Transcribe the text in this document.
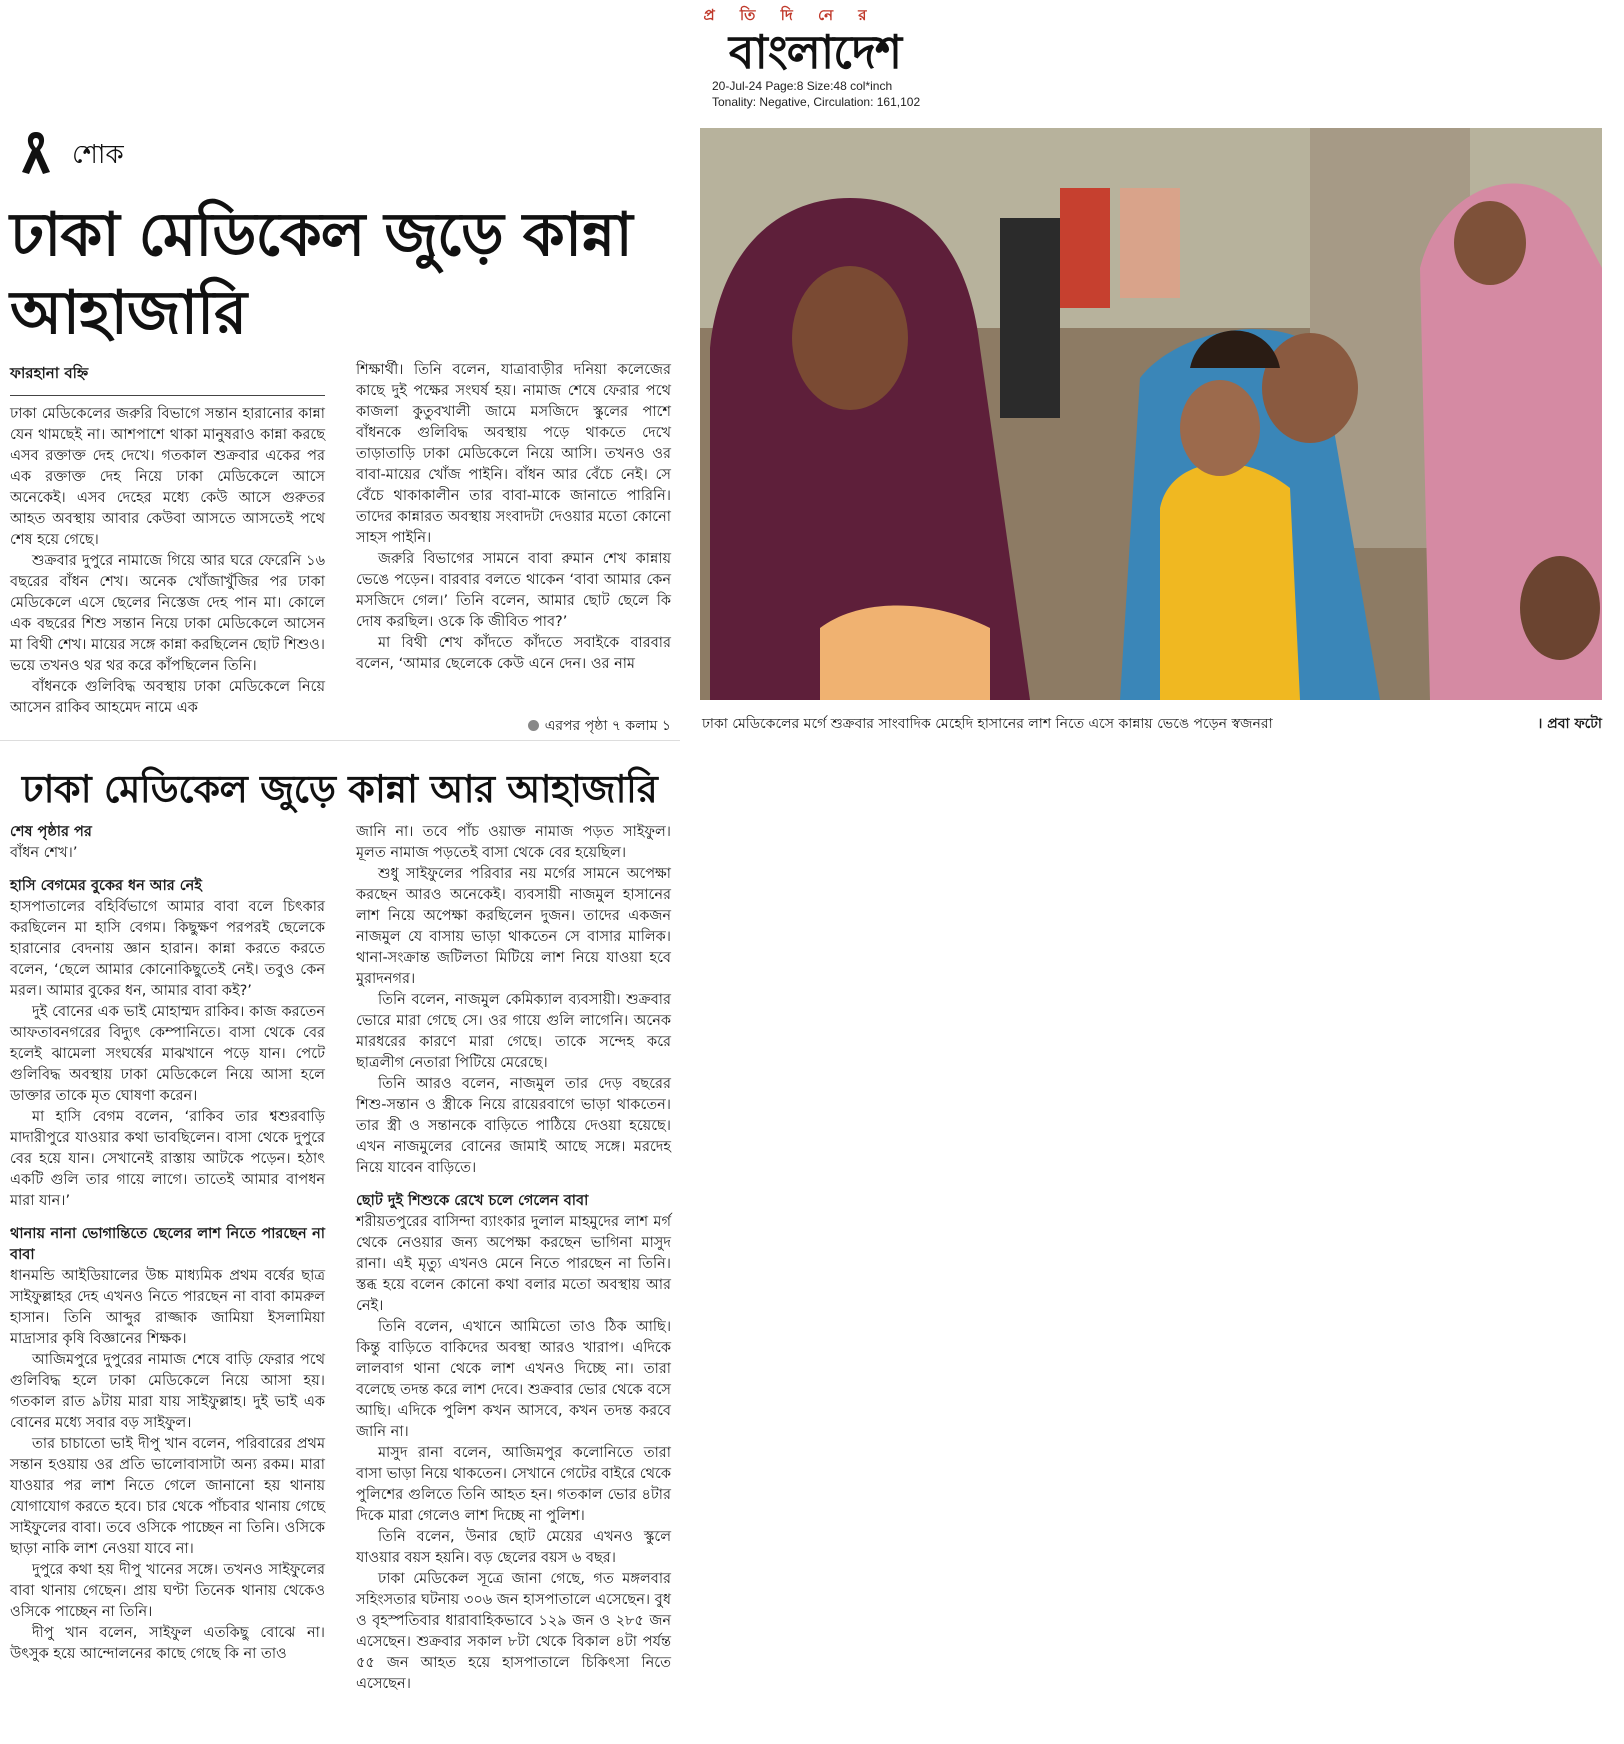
প্র তি দি নে র
বাংলাদেশ
20-Jul-24 Page:8 Size:48 col*inch
Tonality: Negative, Circulation: 161,102
শোক
ঢাকা মেডিকেল জুড়ে কান্না আহাজারি
ফারহানা বহ্নি

ঢাকা মেডিকেলের জরুরি বিভাগে সন্তান হারানোর কান্না যেন থামছেই না। আশপাশে থাকা মানুষরাও কান্না করছে এসব রক্তাক্ত দেহ দেখে। গতকাল শুক্রবার একের পর এক রক্তাক্ত দেহ নিয়ে ঢাকা মেডিকেলে আসে অনেকেই। এসব দেহের মধ্যে কেউ আসে গুরুতর আহত অবস্থায় আবার কেউবা আসতে আসতেই পথে শেষ হয়ে গেছে।

শুক্রবার দুপুরে নামাজে গিয়ে আর ঘরে ফেরেনি ১৬ বছরের বাঁধন শেখ। অনেক খোঁজাখুঁজির পর ঢাকা মেডিকেলে এসে ছেলের নিস্তেজ দেহ পান মা। কোলে এক বছরের শিশু সন্তান নিয়ে ঢাকা মেডিকেলে আসেন মা বিথী শেখ। মায়ের সঙ্গে কান্না করছিলেন ছোট শিশুও। ভয়ে তখনও থর থর করে কাঁপছিলেন তিনি।

বাঁধনকে গুলিবিদ্ধ অবস্থায় ঢাকা মেডিকেলে নিয়ে আসেন রাকিব আহমেদ নামে এক

শিক্ষার্থী। তিনি বলেন, যাত্রাবাড়ীর দনিয়া কলেজের কাছে দুই পক্ষের সংঘর্ষ হয়। নামাজ শেষে ফেরার পথে কাজলা কুতুবখালী জামে মসজিদে স্কুলের পাশে বাঁধনকে গুলিবিদ্ধ অবস্থায় পড়ে থাকতে দেখে তাড়াতাড়ি ঢাকা মেডিকেলে নিয়ে আসি। তখনও ওর বাবা-মায়ের খোঁজ পাইনি। বাঁধন আর বেঁচে নেই। সে বেঁচে থাকাকালীন তার বাবা-মাকে জানাতে পারিনি। তাদের কান্নারত অবস্থায় সংবাদটা দেওয়ার মতো কোনো সাহস পাইনি।

জরুরি বিভাগের সামনে বাবা রুমান শেখ কান্নায় ভেঙে পড়েন। বারবার বলতে থাকেন ‘বাবা আমার কেন মসজিদে গেল।’ তিনি বলেন, আমার ছোট ছেলে কি দোষ করছিল। ওকে কি জীবিত পাব?’

মা বিথী শেখ কাঁদতে কাঁদতে সবাইকে বারবার বলেন, ‘আমার ছেলেকে কেউ এনে দেন। ওর নাম

এরপর পৃষ্ঠা ৭ কলাম ১ ঢাকা মেডিকেলের মর্গে শুক্রবার সাংবাদিক মেহেদি হাসানের লাশ নিতে এসে কান্নায় ভেঙে পড়েন স্বজনরা	। প্রবা ফটো
ঢাকা মেডিকেল জুড়ে কান্না আর আহাজারি
শেষ পৃষ্ঠার পর

বাঁধন শেখ।’

হাসি বেগমের বুকের ধন আর নেই

হাসপাতালের বহির্বিভাগে আমার বাবা বলে চিৎকার করছিলেন মা হাসি বেগম। কিছুক্ষণ পরপরই ছেলেকে হারানোর বেদনায় জ্ঞান হারান। কান্না করতে করতে বলেন, ‘ছেলে আমার কোনোকিছুতেই নেই। তবুও কেন মরল। আমার বুকের ধন, আমার বাবা কই?’

দুই বোনের এক ভাই মোহাম্মদ রাকিব। কাজ করতেন আফতাবনগরের বিদ্যুৎ কেম্পানিতে। বাসা থেকে বের হলেই ঝামেলা সংঘর্ষের মাঝখানে পড়ে যান। পেটে গুলিবিদ্ধ অবস্থায় ঢাকা মেডিকেলে নিয়ে আসা হলে ডাক্তার তাকে মৃত ঘোষণা করেন।

মা হাসি বেগম বলেন, ‘রাকিব তার শ্বশুরবাড়ি মাদারীপুরে যাওয়ার কথা ভাবছিলেন। বাসা থেকে দুপুরে বের হয়ে যান। সেখানেই রাস্তায় আটকে পড়েন। হঠাৎ একটি গুলি তার গায়ে লাগে। তাতেই আমার বাপধন মারা যান।’

থানায় নানা ভোগান্তিতে ছেলের লাশ নিতে পারছেন না বাবা

ধানমন্ডি আইডিয়ালের উচ্চ মাধ্যমিক প্রথম বর্ষের ছাত্র সাইফুল্লাহর দেহ এখনও নিতে পারছেন না বাবা কামরুল হাসান। তিনি আব্দুর রাজ্জাক জামিয়া ইসলামিয়া মাদ্রাসার কৃষি বিজ্ঞানের শিক্ষক।

আজিমপুরে দুপুরের নামাজ শেষে বাড়ি ফেরার পথে গুলিবিদ্ধ হলে ঢাকা মেডিকেলে নিয়ে আসা হয়। গতকাল রাত ৯টায় মারা যায় সাইফুল্লাহ। দুই ভাই এক বোনের মধ্যে সবার বড় সাইফুল।

তার চাচাতো ভাই দীপু খান বলেন, পরিবারের প্রথম সন্তান হওয়ায় ওর প্রতি ভালোবাসাটা অন্য রকম। মারা যাওয়ার পর লাশ নিতে গেলে জানানো হয় থানায় যোগাযোগ করতে হবে। চার থেকে পাঁচবার থানায় গেছে সাইফুলের বাবা। তবে ওসিকে পাচ্ছেন না তিনি। ওসিকে ছাড়া নাকি লাশ নেওয়া যাবে না।

দুপুরে কথা হয় দীপু খানের সঙ্গে। তখনও সাইফুলের বাবা থানায় গেছেন। প্রায় ঘণ্টা তিনেক থানায় থেকেও ওসিকে পাচ্ছেন না তিনি।

দীপু খান বলেন, সাইফুল এতকিছু বোঝে না। উৎসুক হয়ে আন্দোলনের কাছে গেছে কি না তাও

জানি না। তবে পাঁচ ওয়াক্ত নামাজ পড়ত সাইফুল। মূলত নামাজ পড়তেই বাসা থেকে বের হয়েছিল।

শুধু সাইফুলের পরিবার নয় মর্গের সামনে অপেক্ষা করছেন আরও অনেকেই। ব্যবসায়ী নাজমুল হাসানের লাশ নিয়ে অপেক্ষা করছিলেন দুজন। তাদের একজন নাজমুল যে বাসায় ভাড়া থাকতেন সে বাসার মালিক। থানা-সংক্রান্ত জটিলতা মিটিয়ে লাশ নিয়ে যাওয়া হবে মুরাদনগর।

তিনি বলেন, নাজমুল কেমিক্যাল ব্যবসায়ী। শুক্রবার ভোরে মারা গেছে সে। ওর গায়ে গুলি লাগেনি। অনেক মারধরের কারণে মারা গেছে। তাকে সন্দেহ করে ছাত্রলীগ নেতারা পিটিয়ে মেরেছে।

তিনি আরও বলেন, নাজমুল তার দেড় বছরের শিশু-সন্তান ও স্ত্রীকে নিয়ে রায়েরবাগে ভাড়া থাকতেন। তার স্ত্রী ও সন্তানকে বাড়িতে পাঠিয়ে দেওয়া হয়েছে। এখন নাজমুলের বোনের জামাই আছে সঙ্গে। মরদেহ নিয়ে যাবেন বাড়িতে।

ছোট দুই শিশুকে রেখে চলে গেলেন বাবা

শরীয়তপুরের বাসিন্দা ব্যাংকার দুলাল মাহমুদের লাশ মর্গ থেকে নেওয়ার জন্য অপেক্ষা করছেন ভাগিনা মাসুদ রানা। এই মৃত্যু এখনও মেনে নিতে পারছেন না তিনি। স্তব্ধ হয়ে বলেন কোনো কথা বলার মতো অবস্থায় আর নেই।

তিনি বলেন, এখানে আমিতো তাও ঠিক আছি। কিন্তু বাড়িতে বাকিদের অবস্থা আরও খারাপ। এদিকে লালবাগ থানা থেকে লাশ এখনও দিচ্ছে না। তারা বলেছে তদন্ত করে লাশ দেবে। শুক্রবার ভোর থেকে বসে আছি। এদিকে পুলিশ কখন আসবে, কখন তদন্ত করবে জানি না।

মাসুদ রানা বলেন, আজিমপুর কলোনিতে তারা বাসা ভাড়া নিয়ে থাকতেন। সেখানে গেটের বাইরে থেকে পুলিশের গুলিতে তিনি আহত হন। গতকাল ভোর ৪টার দিকে মারা গেলেও লাশ দিচ্ছে না পুলিশ।

তিনি বলেন, উনার ছোট মেয়ের এখনও স্কুলে যাওয়ার বয়স হয়নি। বড় ছেলের বয়স ৬ বছর।

ঢাকা মেডিকেল সূত্রে জানা গেছে, গত মঙ্গলবার সহিংসতার ঘটনায় ৩০৬ জন হাসপাতালে এসেছেন। বুধ ও বৃহস্পতিবার ধারাবাহিকভাবে ১২৯ জন ও ২৮৫ জন এসেছেন। শুক্রবার সকাল ৮টা থেকে বিকাল ৪টা পর্যন্ত ৫৫ জন আহত হয়ে হাসপাতালে চিকিৎসা নিতে এসেছেন।
